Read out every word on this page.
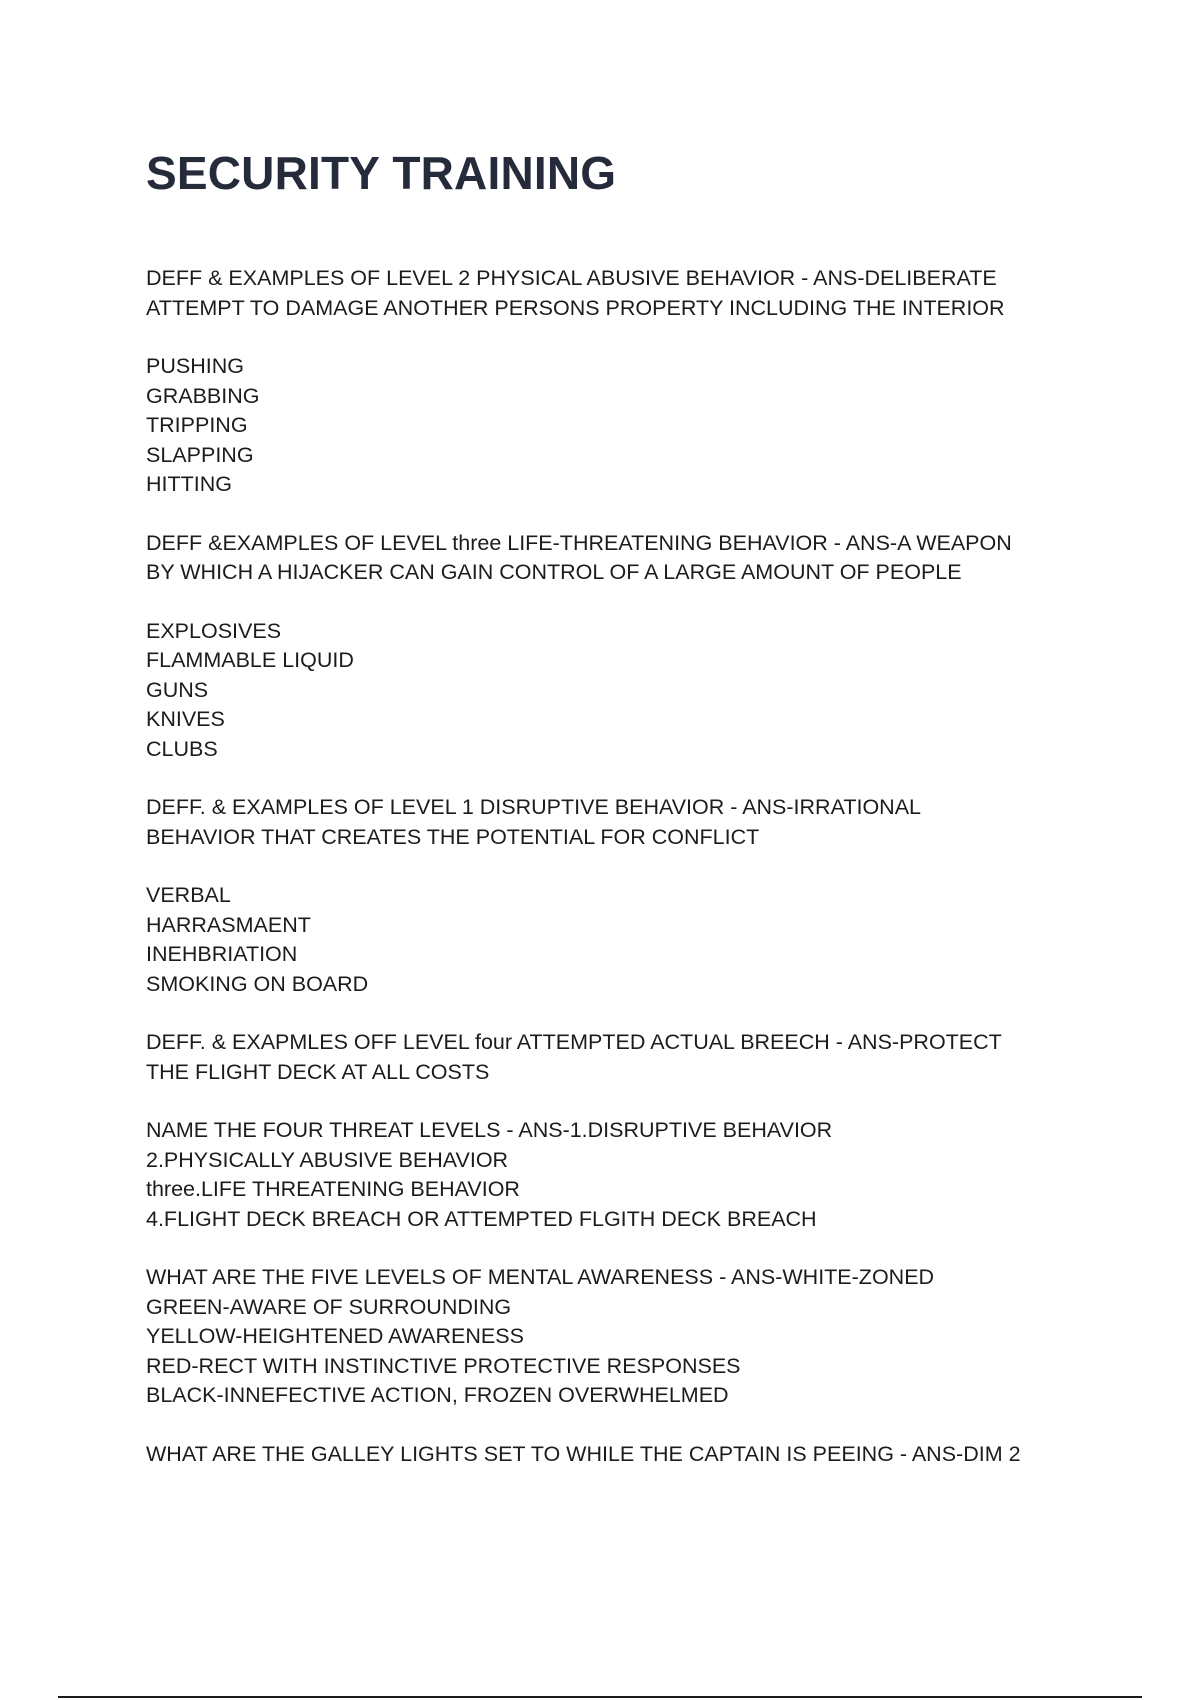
SECURITY TRAINING
DEFF & EXAMPLES OF LEVEL 2 PHYSICAL ABUSIVE BEHAVIOR - ANS-DELIBERATE
ATTEMPT TO DAMAGE ANOTHER PERSONS PROPERTY INCLUDING THE INTERIOR
PUSHING
GRABBING
TRIPPING
SLAPPING
HITTING
DEFF &EXAMPLES OF LEVEL three LIFE-THREATENING BEHAVIOR - ANS-A WEAPON
BY WHICH A HIJACKER CAN GAIN CONTROL OF A LARGE AMOUNT OF PEOPLE
EXPLOSIVES
FLAMMABLE LIQUID
GUNS
KNIVES
CLUBS
DEFF. & EXAMPLES OF LEVEL 1 DISRUPTIVE BEHAVIOR - ANS-IRRATIONAL
BEHAVIOR THAT CREATES THE POTENTIAL FOR CONFLICT
VERBAL
HARRASMAENT
INEHBRIATION
SMOKING ON BOARD
DEFF. & EXAPMLES OFF LEVEL four ATTEMPTED ACTUAL BREECH - ANS-PROTECT
THE FLIGHT DECK AT ALL COSTS
NAME THE FOUR THREAT LEVELS - ANS-1.DISRUPTIVE BEHAVIOR
2.PHYSICALLY ABUSIVE BEHAVIOR
three.LIFE THREATENING BEHAVIOR
4.FLIGHT DECK BREACH OR ATTEMPTED FLGITH DECK BREACH
WHAT ARE THE FIVE LEVELS OF MENTAL AWARENESS - ANS-WHITE-ZONED
GREEN-AWARE OF SURROUNDING
YELLOW-HEIGHTENED AWARENESS
RED-RECT WITH INSTINCTIVE PROTECTIVE RESPONSES
BLACK-INNEFECTIVE ACTION, FROZEN OVERWHELMED
WHAT ARE THE GALLEY LIGHTS SET TO WHILE THE CAPTAIN IS PEEING - ANS-DIM 2
